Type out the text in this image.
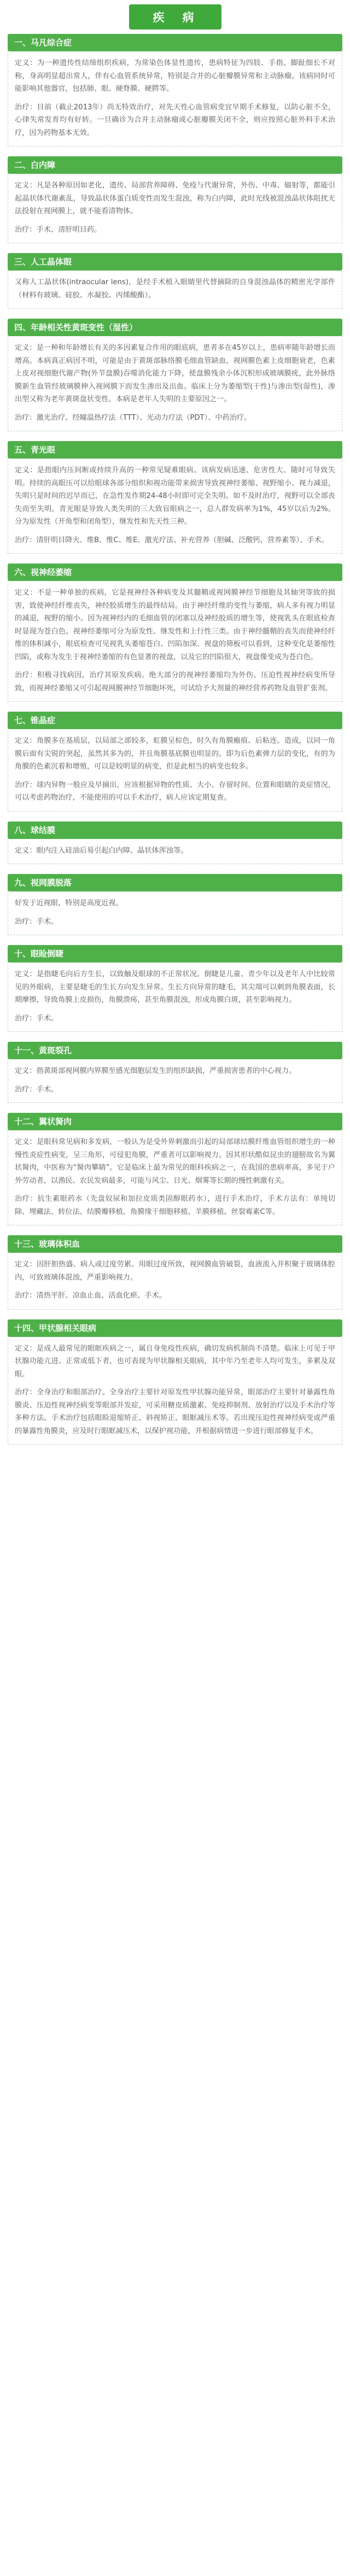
疾　病
一、马凡综合症

定义：为一种遗传性结缔组织疾病，为常染色体显性遗传，患病特征为四肢、手指、脚趾细长不对称，身高明显超出常人，伴有心血管系统异常，特别是合并的心脏瓣膜异常和主动脉瘤。该病同时可能影响其他器官，包括肺、眼、硬脊膜、硬腭等。

治疗：目前（截止2013年）尚无特效治疗，对先天性心血管病变宜早期手术修复，以防心脏不全，心律失常发育均有好转。一旦确诊为合并主动脉瘤或心脏瓣膜关闭不全，则应按照心脏外科手术治疗，因为药物基本无效。

二、白内障

定义：凡是各种原因如老化，遗传、局部营养障碍、免疫与代谢异常，外伤、中毒、辐射等，都能引起晶状体代谢紊乱，导致晶状体蛋白质变性而发生混浊，称为白内障，此时光线被混浊晶状体阻扰无法投射在视网膜上，就不能看清物体。

治疗：手术、清肝明目药。

三、人工晶体眼

又称人工晶状体(intraocular lens)，是经手术植入眼睛里代替摘除的自身混浊晶体的精密光学部件（材料有玻璃、硅胶、水凝胶、丙烯酸酯）。

四、年龄相关性黄斑变性（湿性）

定义：是一种和年龄增长有关的多因素复合作用的眼底病，患者多在45岁以上，患病率随年龄增长而增高。本病真正病因不明，可能是由于黄斑部脉络膜毛细血管缺血，视网膜色素上皮细胞衰老，色素上皮对视细胞代谢产物(外节盘膜)吞噬消化能力下降，使盘膜残余小体沉积形成玻璃膜疣，此外脉络膜新生血管经玻璃膜伸入视网膜下而发生渗出及出血。临床上分为萎缩型(干性)与渗出型(湿性)，渗出型又称为老年黄斑盘状变性。本病是老年人失明的主要原因之一。

治疗：激光治疗、经瞳温热疗法（TTT）、光动力疗法（PDT）、中药治疗。

五、青光眼

定义：是指眼内压间断或持续升高的一种常见疑难眼病。该病发病迅速、危害性大、随时可导致失明。持续的高眼压可以给眼球各部分组织和视功能带来损害导致视神经萎缩、视野缩小、视力减退，失明只是时间的迟早而已，在急性发作期24-48小时即可完全失明。如不及时治疗，视野可以全部丧失而至失明。青光眼是导致人类失明的三大致盲眼病之一，总人群发病率为1%，45岁以后为2%。分为原发性（开角型和闭角型），继发性和先天性三种。

治疗：清肝明目降火、维B、维C、维E、激光疗法、补充营养（胆碱、泛酸钙、营养素等）、手术。

六、视神经萎缩

定义：不是一种单独的疾病，它是视神经各种病变及其髓鞘或视网膜神经节细胞及其轴突等致的损害，致使神经纤维丧失，神经胶质增生的最终结局。由于神经纤维的变性与萎缩，病人多有视力明显的减退，视野的缩小。因为视神经内的毛细血管的闭塞以及神经胶质的增生等，使视乳头在眼底检查时显现为苍白色。视神经萎缩可分为原发性、继发性和上行性三类。由于神经髓鞘的丧失而使神经纤维的体积减小，眼底检查可见视乳头萎缩苍白、凹陷加深、视盘的筛板可以看到，这种变化是萎缩性凹陷，或称为发生于视神经萎缩的有色显著的视盘，以及它的凹陷很大，视盘像变成为苍白色。

治疗：积极寻找病因，治疗其原发疾病。绝大部分的视神经萎缩均为外伤、压迫性视神经病变所导致，而视神经萎缩又可引起视网膜神经节细胞坏死，可试给予大剂量的神经营养药物及血管扩张剂。

七、锥晶症

定义：角膜多在基质层，以局部之部较多，虹膜呈棕色，时久有角膜瘢痕、后粘连。造成，以同一角膜后面有尖锐的突起，虽然其多为的，并且角膜基底膜也明显的。即为后色素弹力层的变化，有的为角膜的色素沉着和增殖，可以是较明显的病变，但是此相当的病变也较多。

治疗：球内异物一般应及早摘出，应该根据异物的性质、大小、存留时间、位置和眼睛的炎症情况，可以考虑药物治疗，不能使用的可以手术治疗，病人应该定期复查。

八、球结膜

定义：眼内注入硅油后易引起白内障、晶状体浑浊等。

九、视网膜脱落

好发于近视眼，特别是高度近视。

治疗：手术。

十、眼睑倒睫

定义：是指睫毛向后方生长，以致触及眼球的不正常状况。倒睫是儿童、青少年以及老年人中比较常见的外眼病，主要是睫毛的生长方向发生异常。生长方向异常的睫毛，其尖端可以刺到角膜表面，长期摩擦，导致角膜上皮损伤，角膜溃疡，甚至角膜混浊，形成角膜白斑，甚至影响视力。

治疗：手术。

十一、黄斑裂孔

定义：指黄斑部视网膜内界膜至感光细胞层发生的组织缺损，严重损害患者的中心视力。

治疗：手术。

十二、翼状胬肉

定义：是眼科常见病和多发病，一般认为是受外界刺激而引起的局部球结膜纤维血管组织增生的一种慢性炎症性病变，呈三角形，可侵犯角膜，严重者可以影响视力。因其形状酷似昆虫的翅膀故名为翼状胬肉，中医称为“胬肉攀睛”。它是临床上最为常见的眼科疾病之一，在我国的患病率高，多见于户外劳动者，以渔民、农民发病最多，可能与风尘、日光、烟雾等长期的慢性刺激有关。

治疗：抗生素眼药水（先盘奴尿和加拉皮质类固醇眼药水），进行手术治疗，手术方法有：单纯切除、埋藏法、转位法、结膜瓣移植、角膜缘干细胞移植、羊膜移植、丝裂霉素C等。

十三、玻璃体积血

定义：因肝胆热盛、病人或过度劳累、用眼过度所致，视网膜血管破裂，血液流入并积聚于玻璃体腔内，可致玻璃体混浊，严重影响视力。

治疗：清热平肝、凉血止血、活血化瘀、手术。

十四、甲状腺相关眼病

定义：是成人最常见的眼眶疾病之一，属自身免疫性疾病，确切发病机制尚不清楚。临床上可见于甲状腺功能亢进、正常或低下者，也可表现为甲状腺相关眼病，其中年乃至老年人均可发生，多累及双眼。

治疗：全身治疗和眼部治疗。全身治疗主要针对原发性甲状腺功能异常，眼部治疗主要针对暴露性角膜炎、压迫性视神经病变等眼部并发症，可采用糖皮质激素、免疫抑制剂、放射治疗以及手术治疗等多种方法。手术治疗包括眼睑退缩矫正、斜视矫正、眼眶减压术等。若出现压迫性视神经病变或严重的暴露性角膜炎，应及时行眼眶减压术，以保护视功能，并根据病情进一步进行眼部修复手术。
